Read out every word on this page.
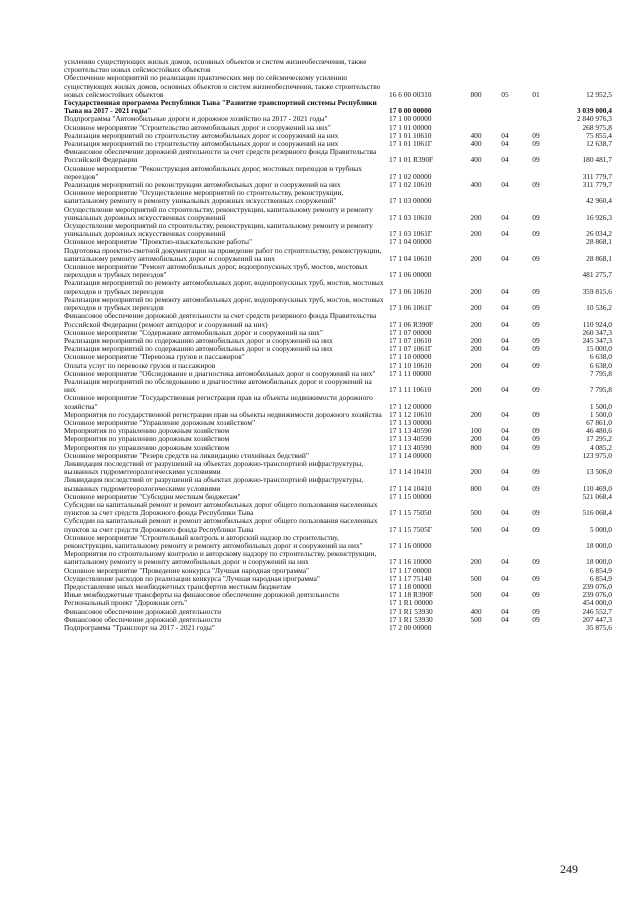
усилению существующих жилых домов, основных объектов и систем жизнеобеспечения, также строительство новых сейсмостойких объектов
Обеспечение мероприятий по реализации практических мер по сейсмическому усилению существующих жилых домов, основных объектов и систем жизнеобеспечения, также строительство новых сейсмостойких объектов	16 6 00 00310	800	05	01	12 952,5
Государственная программа Республики Тыва "Развитие транспортной системы Республики Тыва на 2017 - 2021 годы"	17 0 00 00000	3 039 000,4
Подпрограмма "Автомобильные дороги и дорожное хозяйство на 2017 - 2021 годы"	17 1 00 00000	2 840 976,3
Основное мероприятие "Строительство автомобильных дорог и сооружений на них"	17 1 01 00000	268 975,8
Реализация мероприятий по строительству автомобильных дорог и сооружений на них	17 1 01 10610	400	04	09	75 855,4
Реализация мероприятий по строительству автомобильных дорог и сооружений на них	17 1 01 1061Г	400	04	09	12 638,7
Финансовое обеспечение дорожной деятельности за счет средств резервного фонда Правительства Российской Федерации	17 1 01 R390F	400	04	09	180 481,7
Основное мероприятие "Реконструкция автомобильных дорог, мостовых переходов и трубных переездов"	17 1 02 00000	311 779,7
Реализация мероприятий по реконструкции автомобильных дорог и сооружений на них	17 1 02 10610	400	04	09	311 779,7
Основное мероприятие "Осуществление мероприятий по строительству, реконструкции, капитальному ремонту и ремонту уникальных дорожных искусственных сооружений"	17 1 03 00000	42 960,4
Осуществление мероприятий по строительству, реконструкции, капитальному ремонту и ремонту уникальных дорожных искусственных сооружений	17 1 03 10610	200	04	09	16 926,3
Осуществление мероприятий по строительству, реконструкции, капитальному ремонту и ремонту уникальных дорожных искусственных сооружений	17 1 03 1061Г	200	04	09	26 034,2
Основное мероприятие "Проектно-изыскательские работы"	17 1 04 00000	28 868,1
Подготовка проектно-сметной документации на проведение работ по строительству, реконструкции, капитальному ремонту автомобильных дорог и сооружений на них	17 1 04 10610	200	04	09	28 868,1
Основное мероприятие "Ремонт автомобильных дорог, водопропускных труб, мостов, мостовых переходов и трубных переездов"	17 1 06 00000	481 275,7
Реализация мероприятий по ремонту автомобильных дорог, водопропускных труб, мостов, мостовых переходов и трубных переездов	17 1 06 10610	200	04	09	359 815,6
Реализация мероприятий по ремонту автомобильных дорог, водопропускных труб, мостов, мостовых переходов и трубных переездов	17 1 06 1061Г	200	04	09	10 536,2
Финансовое обеспечение дорожной деятельности за счет средств резервного фонда Правительства Российской Федерации (ремонт автодорог и сооружений на них)	17 1 06 R390F	200	04	09	110 924,0
Основное мероприятие "Содержание автомобильных дорог и сооружений на них"	17 1 07 00000	260 347,3
Реализация мероприятий по содержанию автомобильных дорог и сооружений на них	17 1 07 10610	200	04	09	245 347,3
Реализация мероприятий по содержанию автомобильных дорог и сооружений на них	17 1 07 1061Г	200	04	09	15 000,0
Основное мероприятие "Перевозка грузов и пассажиров"	17 1 10 00000	6 638,0
Оплата услуг по перевозке грузов и пассажиров	17 1 10 10610	200	04	09	6 638,0
Основное мероприятие "Обследование и диагностика автомобильных дорог и сооружений на них"	17 1 11 00000	7 795,8
Реализация мероприятий по обследованию и диагностике автомобильных дорог и сооружений на них	17 1 11 10610	200	04	09	7 795,8
Основное мероприятие "Государственная регистрация прав на объекты недвижимости дорожного хозяйства"	17 1 12 00000	1 500,0
Мероприятия по государственной регистрации прав на объекты недвижимости дорожного хозяйства 17 1 12 10610	200	04	09	1 500,0
Основное мероприятие "Управление дорожным хозяйством"	17 1 13 00000	67 861,0
Мероприятия по управлению дорожным хозяйством	17 1 13 40590	100	04	09	46 480,6
Мероприятия по управлению дорожным хозяйством	17 1 13 40590	200	04	09	17 295,2
Мероприятия по управлению дорожным хозяйством	17 1 13 40590	800	04	09	4 085,2
Основное мероприятие "Резерв средств на ликвидацию стихийных бедствий"	17 1 14 00000	123 975,0
Ликвидация последствий от разрушений на объектах дорожно-транспортной инфраструктуры, вызванных гидрометеорологическими условиями	17 1 14 10410	200	04	09	13 506,0
Ликвидация последствий от разрушений на объектах дорожно-транспортной инфраструктуры, вызванных гидрометеорологическими условиями	17 1 14 10410	800	04	09	110 469,0
Основное мероприятие "Субсидии местным бюджетам"	17 1 15 00000	521 068,4
Субсидии на капитальный ремонт и ремонт автомобильных дорог общего пользования населенных пунктов за счет средств Дорожного фонда Республики Тыва	17 1 15 75050	500	04	09	516 068,4
Субсидии на капитальный ремонт и ремонт автомобильных дорог общего пользования населенных пунктов за счет средств Дорожного фонда Республики Тыва	17 1 15 7505Г	500	04	09	5 000,0
Основное мероприятие "Строительный контроль и авторский надзор по строительству, реконструкции, капитальному ремонту и ремонту автомобильных дорог и сооружений на них"	17 1 16 00000	18 000,0
Мероприятия по строительному контролю и авторскому надзору по строительству, реконструкции, капитальному ремонту и ремонту автомобильных дорог и сооружений на них	17 1 16 10000	200	04	09	18 000,0
Основное мероприятие "Проведение конкурса "Лучшая народная программа"	17 1 17 00000	6 854,9
Осуществление расходов по реализации конкурса "Лучшая народная программа"	17 1 17 75140	500	04	09	6 854,9
Предоставление иных межбюджетных трансфертов местным бюджетам	17 1 18 00000	239 076,0
Иные межбюджетные трансферты на финансовое обеспечение дорожной деятельности	17 1 18 R390F	500	04	09	239 076,0
Региональный проект "Дорожная сеть"	17 1 R1 00000	454 000,0
Финансовое обеспечение дорожной деятельности	17 1 R1 53930	400	04	09	246 552,7
Финансовое обеспечение дорожной деятельности	17 1 R1 53930	500	04	09	207 447,3
Подпрограмма "Транспорт на 2017 - 2021 годы"	17 2 00 00000	35 875,6
249
